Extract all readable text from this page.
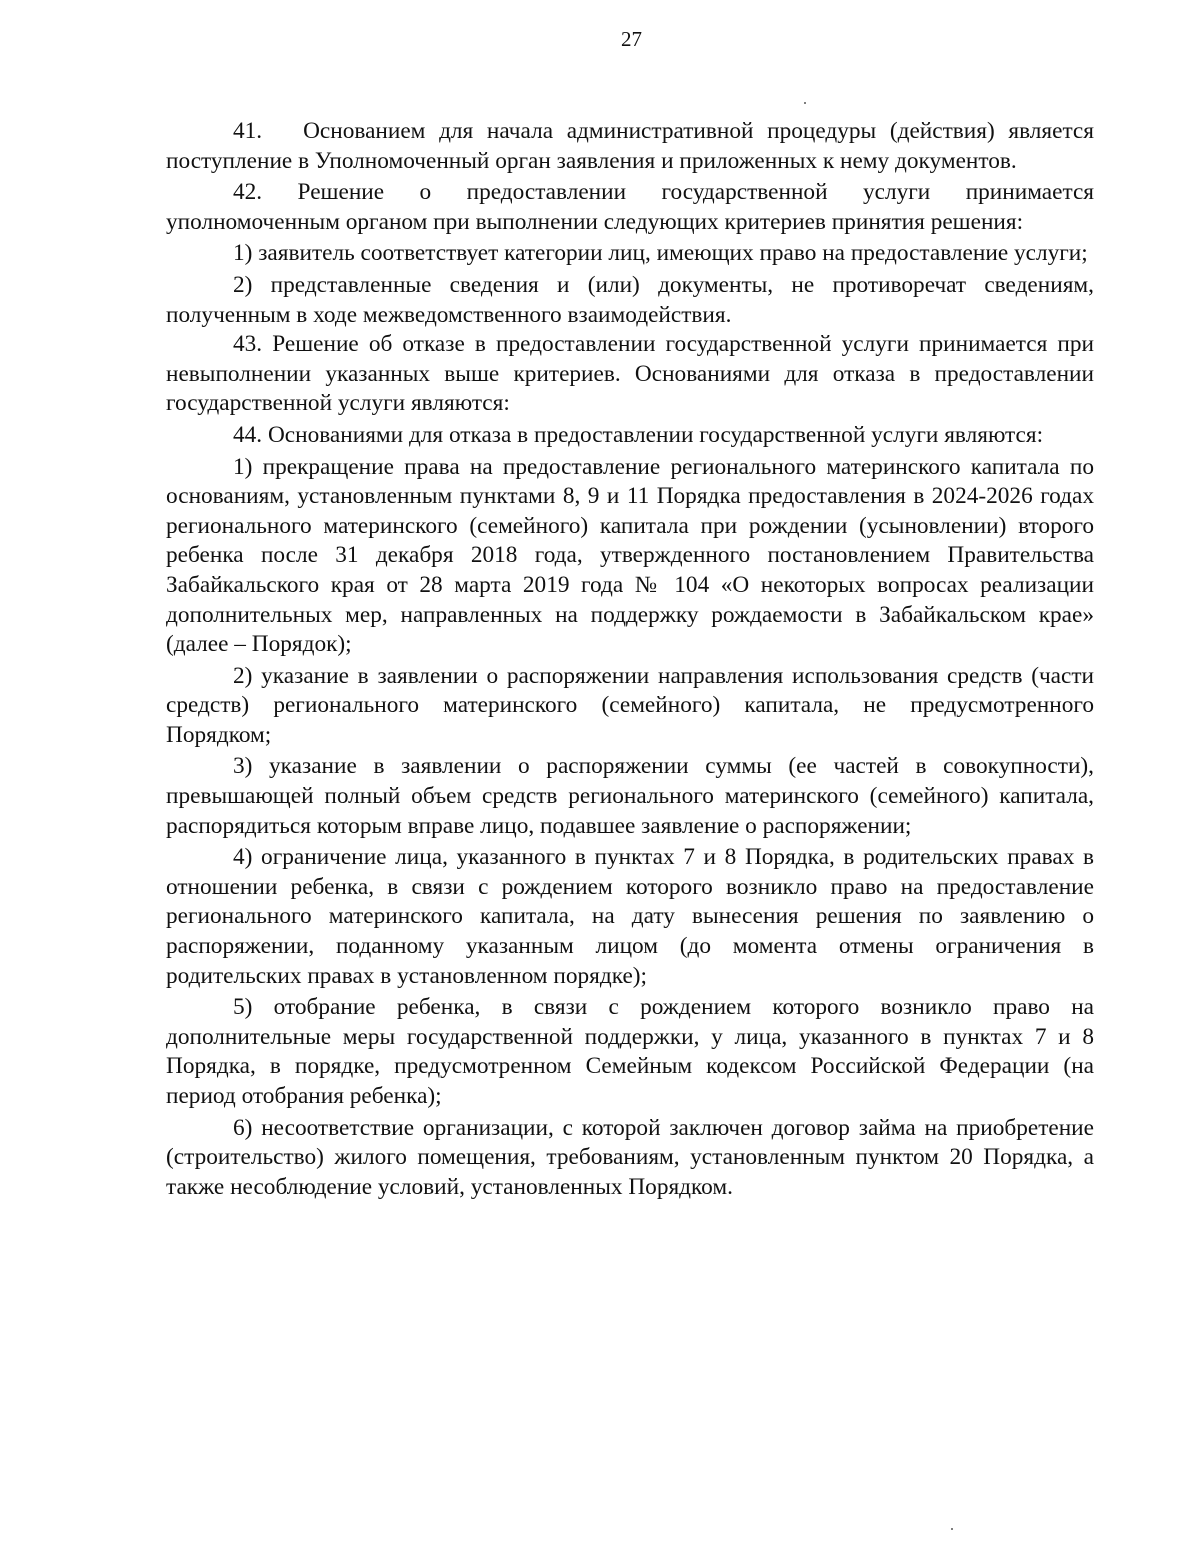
27

41.   Основанием для начала административной процедуры (действия) является поступление в Уполномоченный орган заявления и приложенных к нему документов.

42. Решение о предоставлении государственной услуги принимается уполномоченным органом при выполнении следующих критериев принятия решения:

1) заявитель соответствует категории лиц, имеющих право на предоставление услуги;

2) представленные сведения и (или) документы, не противоречат сведениям, полученным в ходе межведомственного взаимодействия.

43. Решение об отказе в предоставлении государственной услуги принимается при невыполнении указанных выше критериев. Основаниями для отказа в предоставлении государственной услуги являются:

44. Основаниями для отказа в предоставлении государственной услуги являются:

1) прекращение права на предоставление регионального материнского капитала по основаниям, установленным пунктами 8, 9 и 11 Порядка предоставления в 2024-2026 годах регионального материнского (семейного) капитала при рождении (усыновлении) второго ребенка после 31 декабря 2018 года, утвержденного постановлением Правительства Забайкальского края от 28 марта 2019 года № 104 «О некоторых вопросах реализации дополнительных мер, направленных на поддержку рождаемости в Забайкальском крае» (далее – Порядок);

2) указание в заявлении о распоряжении направления использования средств (части средств) регионального материнского (семейного) капитала, не предусмотренного Порядком;

3) указание в заявлении о распоряжении суммы (ее частей в совокупности), превышающей полный объем средств регионального материнского (семейного) капитала, распорядиться которым вправе лицо, подавшее заявление о распоряжении;

4) ограничение лица, указанного в пунктах 7 и 8 Порядка, в родительских правах в отношении ребенка, в связи с рождением которого возникло право на предоставление регионального материнского капитала, на дату вынесения решения по заявлению о распоряжении, поданному указанным лицом (до момента отмены ограничения в родительских правах в установленном порядке);

5) отобрание ребенка, в связи с рождением которого возникло право на дополнительные меры государственной поддержки, у лица, указанного в пунктах 7 и 8 Порядка, в порядке, предусмотренном Семейным кодексом Российской Федерации (на период отобрания ребенка);

6) несоответствие организации, с которой заключен договор займа на приобретение (строительство) жилого помещения, требованиям, установленным пунктом 20 Порядка, а также несоблюдение условий, установленных Порядком.
